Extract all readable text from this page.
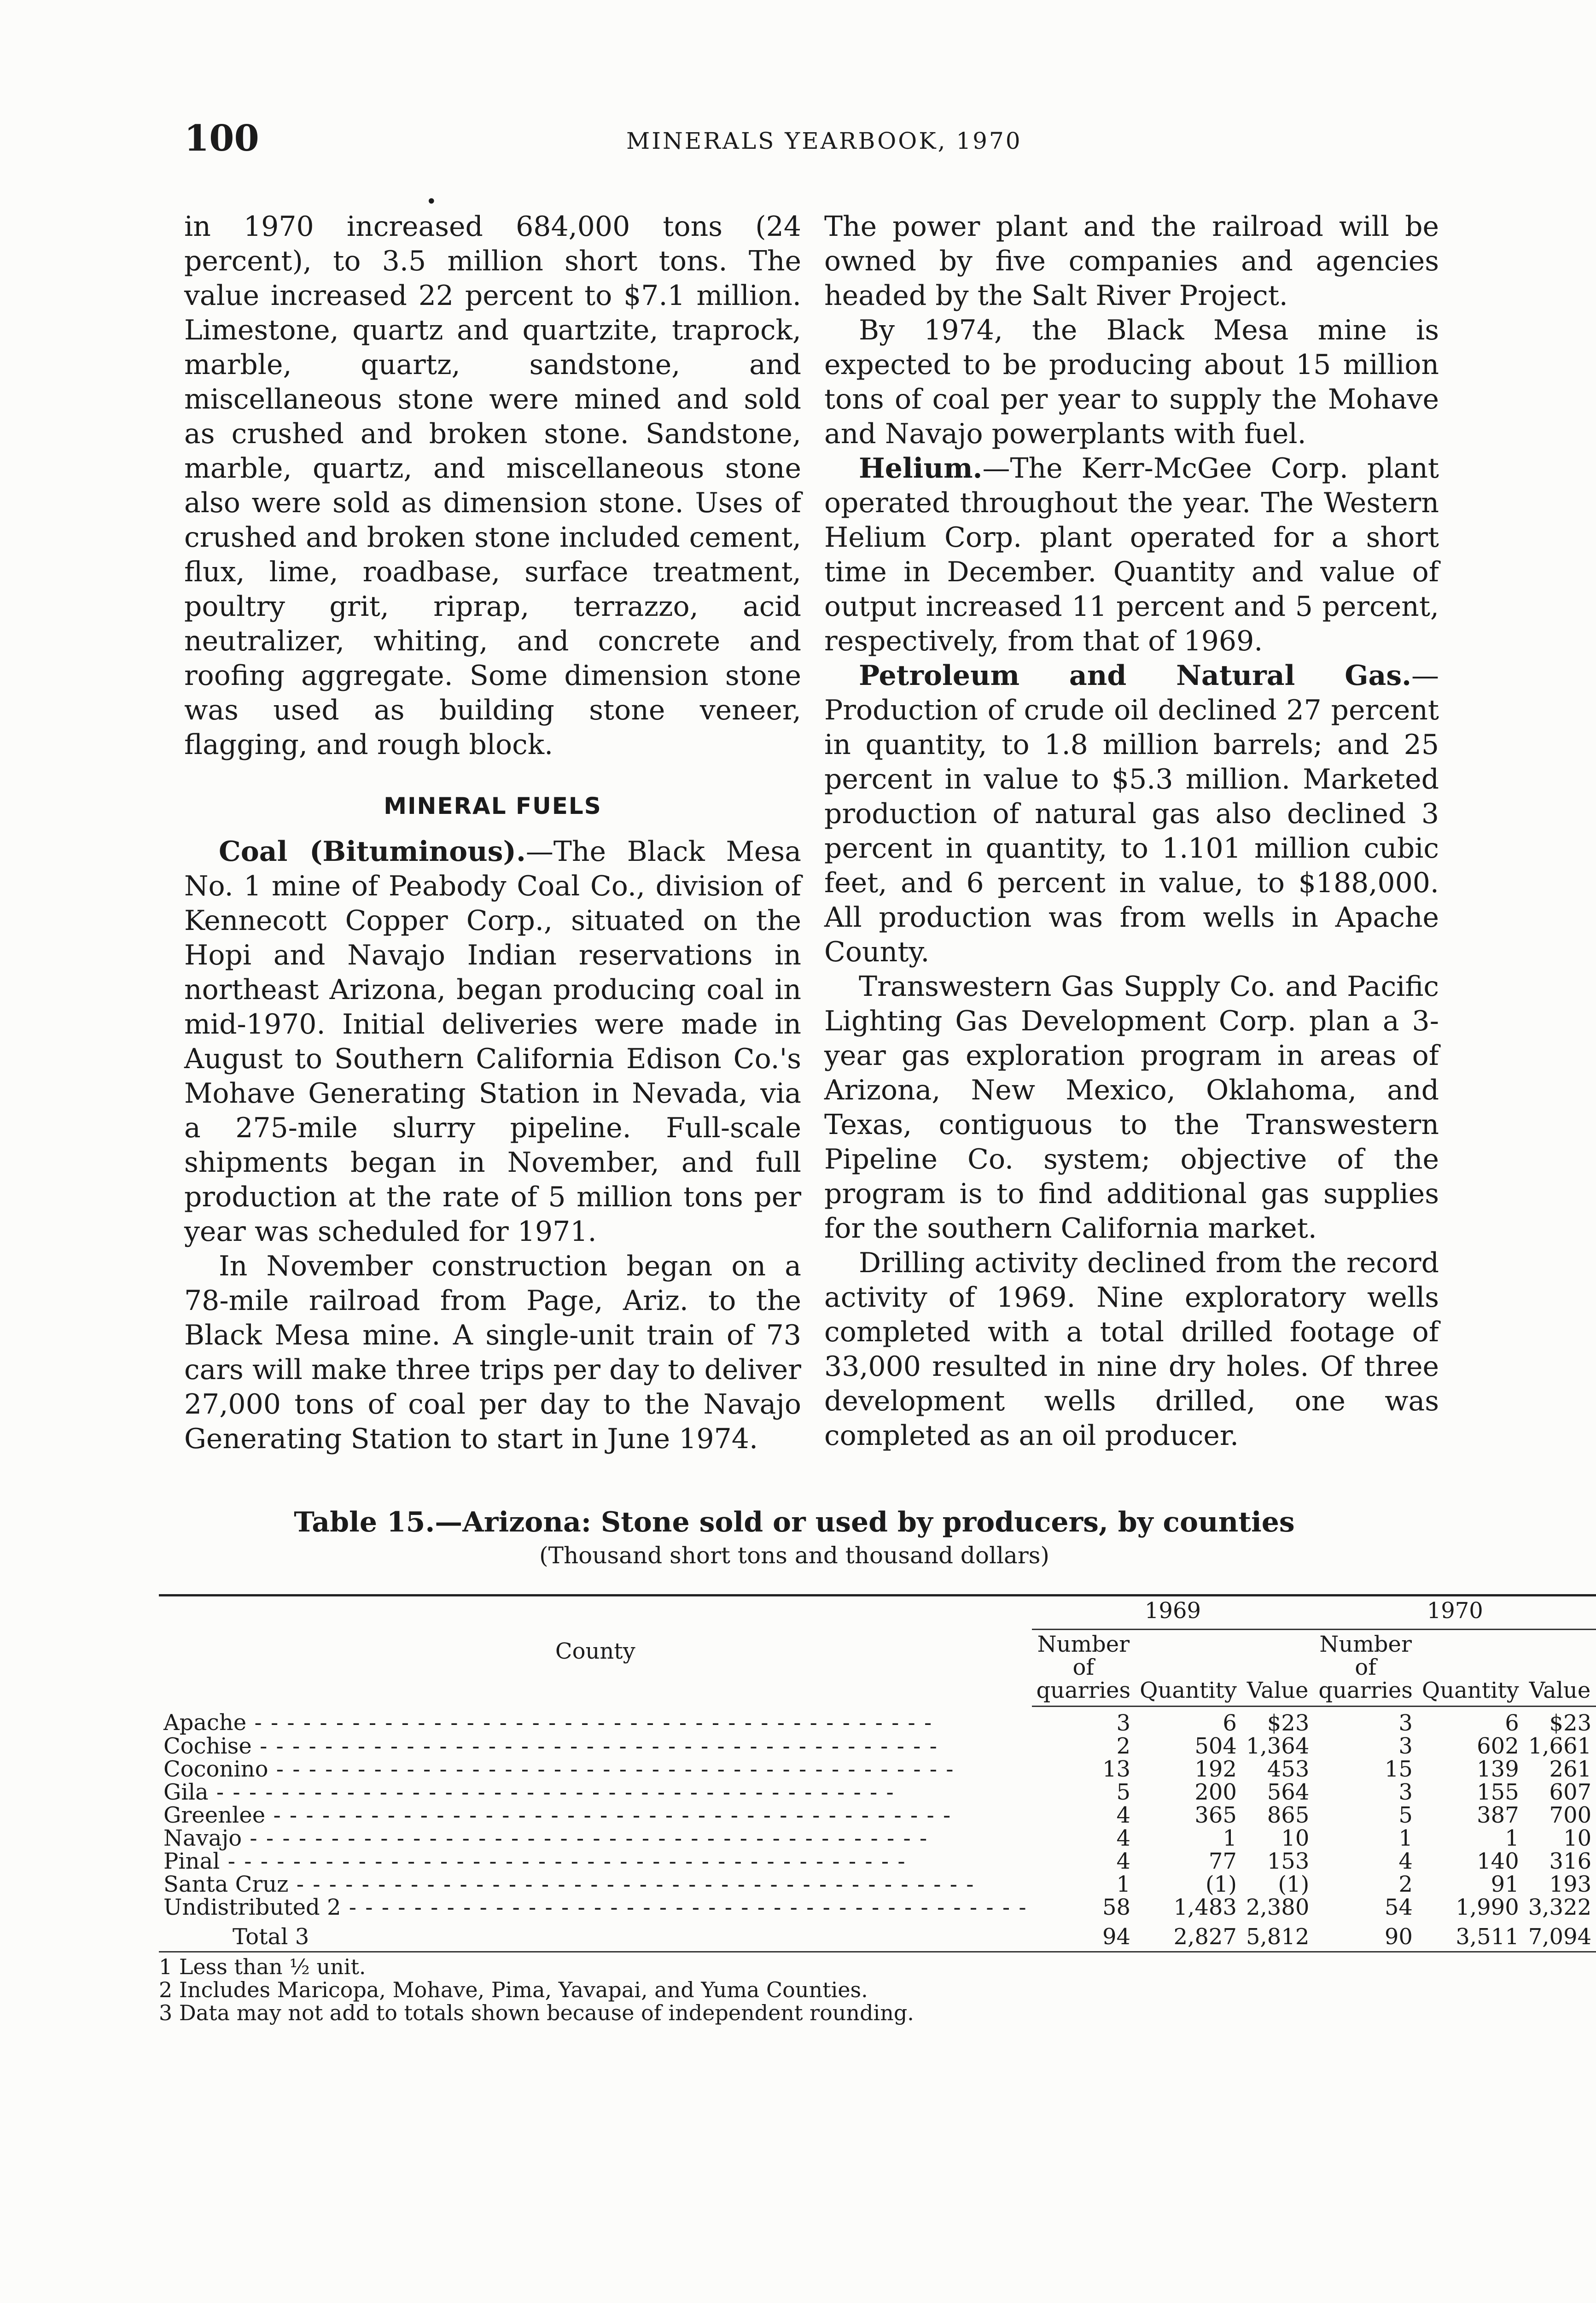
100	MINERALS YEARBOOK, 1970
•

in 1970 increased 684,000 tons (24 percent), to 3.5 million short tons. The value increased 22 percent to $7.1 million. Limestone, quartz and quartzite, traprock, marble, quartz, sandstone, and miscellaneous stone were mined and sold as crushed and broken stone. Sandstone, marble, quartz, and miscellaneous stone also were sold as dimension stone. Uses of crushed and broken stone included cement, flux, lime, roadbase, surface treatment, poultry grit, riprap, terrazzo, acid neutralizer, whiting, and concrete and roofing aggregate. Some dimension stone was used as building stone veneer, flagging, and rough block.

MINERAL FUELS

Coal (Bituminous).—The Black Mesa No. 1 mine of Peabody Coal Co., division of Kennecott Copper Corp., situated on the Hopi and Navajo Indian reservations in northeast Arizona, began producing coal in mid-1970. Initial deliveries were made in August to Southern California Edison Co.'s Mohave Generating Station in Nevada, via a 275-mile slurry pipeline. Full-scale shipments began in November, and full production at the rate of 5 million tons per year was scheduled for 1971.

In November construction began on a 78-mile railroad from Page, Ariz. to the Black Mesa mine. A single-unit train of 73 cars will make three trips per day to deliver 27,000 tons of coal per day to the Navajo Generating Station to start in June 1974.

The power plant and the railroad will be owned by five companies and agencies headed by the Salt River Project.

By 1974, the Black Mesa mine is expected to be producing about 15 million tons of coal per year to supply the Mohave and Navajo powerplants with fuel.

Helium.—The Kerr-McGee Corp. plant operated throughout the year. The Western Helium Corp. plant operated for a short time in December. Quantity and value of output increased 11 percent and 5 percent, respectively, from that of 1969.

Petroleum and Natural Gas.—Production of crude oil declined 27 percent in quantity, to 1.8 million barrels; and 25 percent in value to $5.3 million. Marketed production of natural gas also declined 3 percent in quantity, to 1.101 million cubic feet, and 6 percent in value, to $188,000. All production was from wells in Apache County.

Transwestern Gas Supply Co. and Pacific Lighting Gas Development Corp. plan a 3-year gas exploration program in areas of Arizona, New Mexico, Oklahoma, and Texas, contiguous to the Transwestern Pipeline Co. system; objective of the program is to find additional gas supplies for the southern California market.

Drilling activity declined from the record activity of 1969. Nine exploratory wells completed with a total drilled footage of 33,000 resulted in nine dry holes. Of three development wells drilled, one was completed as an oil producer.

Table 15.—Arizona: Stone sold or used by producers, by counties
(Thousand short tons and thousand dollars)
County	1969			1970		
	Number of quarries	Quantity	Value	Number of quarries	Quantity	Value
Apache - - -	3	6	$23	3	6	$23
Cochise - - -	2	504	1,364	3	602	1,661
Coconino - - -	13	192	453	15	139	261
Gila - - -	5	200	564	3	155	607
Greenlee - - -	4	365	865	5	387	700
Navajo - - -	4	1	10	1	1	10
Pinal - - -	4	77	153	4	140	316
Santa Cruz - - -	1	(1)	(1)	2	91	193
Undistributed 2 - - -	58	1,483	2,380	54	1,990	3,322
Total 3	94	2,827	5,812	90	3,511	7,094
1 Less than ½ unit.
2 Includes Maricopa, Mohave, Pima, Yavapai, and Yuma Counties.
3 Data may not add to totals shown because of independent rounding.
